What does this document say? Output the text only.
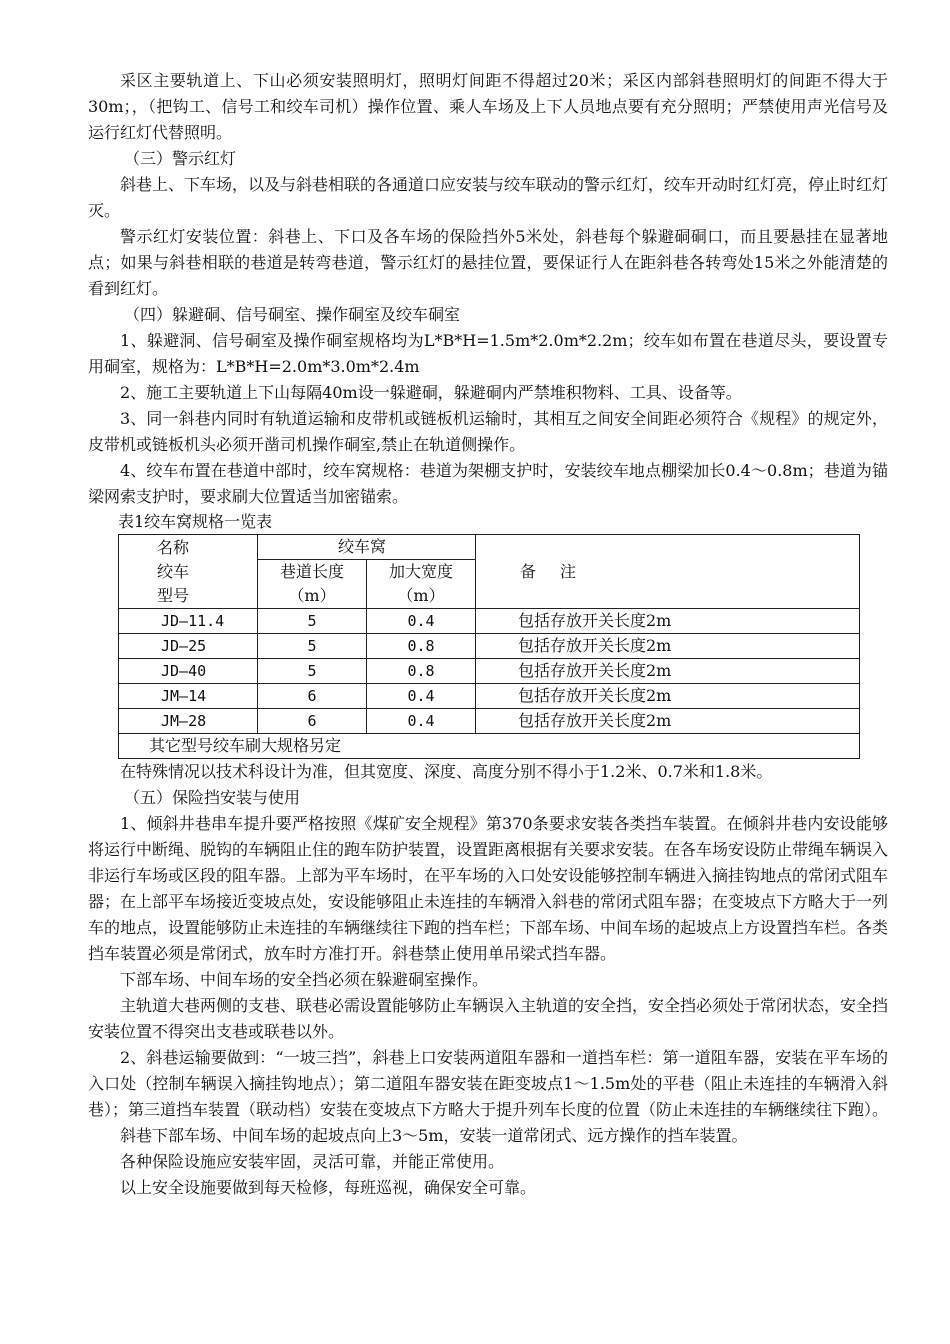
采区主要轨道上、下山必须安装照明灯，照明灯间距不得超过20米；采区内部斜巷照明灯的间距不得大于30m；，（把钩工、信号工和绞车司机）操作位置、乘人车场及上下人员地点要有充分照明；严禁使用声光信号及运行红灯代替照明。

（三）警示红灯

斜巷上、下车场，以及与斜巷相联的各通道口应安装与绞车联动的警示红灯，绞车开动时红灯亮，停止时红灯灭。

警示红灯安装位置：斜巷上、下口及各车场的保险挡外5米处，斜巷每个躲避硐硐口，而且要悬挂在显著地点；如果与斜巷相联的巷道是转弯巷道，警示红灯的悬挂位置，要保证行人在距斜巷各转弯处15米之外能清楚的看到红灯。

（四）躲避硐、信号硐室、操作硐室及绞车硐室

1、躲避洞、信号硐室及操作硐室规格均为L*B*H=1.5m*2.0m*2.2m；绞车如布置在巷道尽头，要设置专用硐室，规格为：L*B*H=2.0m*3.0m*2.4m

2、施工主要轨道上下山每隔40m设一躲避硐，躲避硐内严禁堆积物料、工具、设备等。

3、同一斜巷内同时有轨道运输和皮带机或链板机运输时，其相互之间安全间距必须符合《规程》的规定外，皮带机或链板机头必须开凿司机操作硐室,禁止在轨道侧操作。

4、绞车布置在巷道中部时，绞车窝规格：巷道为架棚支护时，安装绞车地点棚梁加长0.4～0.8m；巷道为锚梁网索支护时，要求刷大位置适当加密锚索。

表1绞车窝规格一览表

名称
绞车
型号	绞车窝		备　注

	巷道长度
（m）	加大宽度
（m）	

JD—11.4	5	0.4	包括存放开关长度2m
JD—25	5	0.8	包括存放开关长度2m
JD—40	5	0.8	包括存放开关长度2m
JM—14	6	0.4	包括存放开关长度2m
JM—28	6	0.4	包括存放开关长度2m
其它型号绞车刷大规格另定			

在特殊情况以技术科设计为准，但其宽度、深度、高度分别不得小于1.2米、0.7米和1.8米。

（五）保险挡安装与使用

1、倾斜井巷串车提升要严格按照《煤矿安全规程》第370条要求安装各类挡车装置。在倾斜井巷内安设能够将运行中断绳、脱钩的车辆阻止住的跑车防护装置，设置距离根据有关要求安装。在各车场安设防止带绳车辆误入非运行车场或区段的阻车器。上部为平车场时，在平车场的入口处安设能够控制车辆进入摘挂钩地点的常闭式阻车器；在上部平车场接近变坡点处，安设能够阻止未连挂的车辆滑入斜巷的常闭式阻车器；在变坡点下方略大于一列车的地点，设置能够防止未连挂的车辆继续往下跑的挡车栏；下部车场、中间车场的起坡点上方设置挡车栏。各类挡车装置必须是常闭式，放车时方准打开。斜巷禁止使用单吊梁式挡车器。

下部车场、中间车场的安全挡必须在躲避硐室操作。

主轨道大巷两侧的支巷、联巷必需设置能够防止车辆误入主轨道的安全挡，安全挡必须处于常闭状态，安全挡安装位置不得突出支巷或联巷以外。

2、斜巷运输要做到：“一坡三挡”，斜巷上口安装两道阻车器和一道挡车栏：第一道阻车器，安装在平车场的入口处（控制车辆误入摘挂钩地点）；第二道阻车器安装在距变坡点1～1.5m处的平巷（阻止未连挂的车辆滑入斜巷）；第三道挡车装置（联动档）安装在变坡点下方略大于提升列车长度的位置（防止未连挂的车辆继续往下跑）。

斜巷下部车场、中间车场的起坡点向上3～5m，安装一道常闭式、远方操作的挡车装置。

各种保险设施应安装牢固，灵活可靠，并能正常使用。

以上安全设施要做到每天检修，每班巡视，确保安全可靠。
